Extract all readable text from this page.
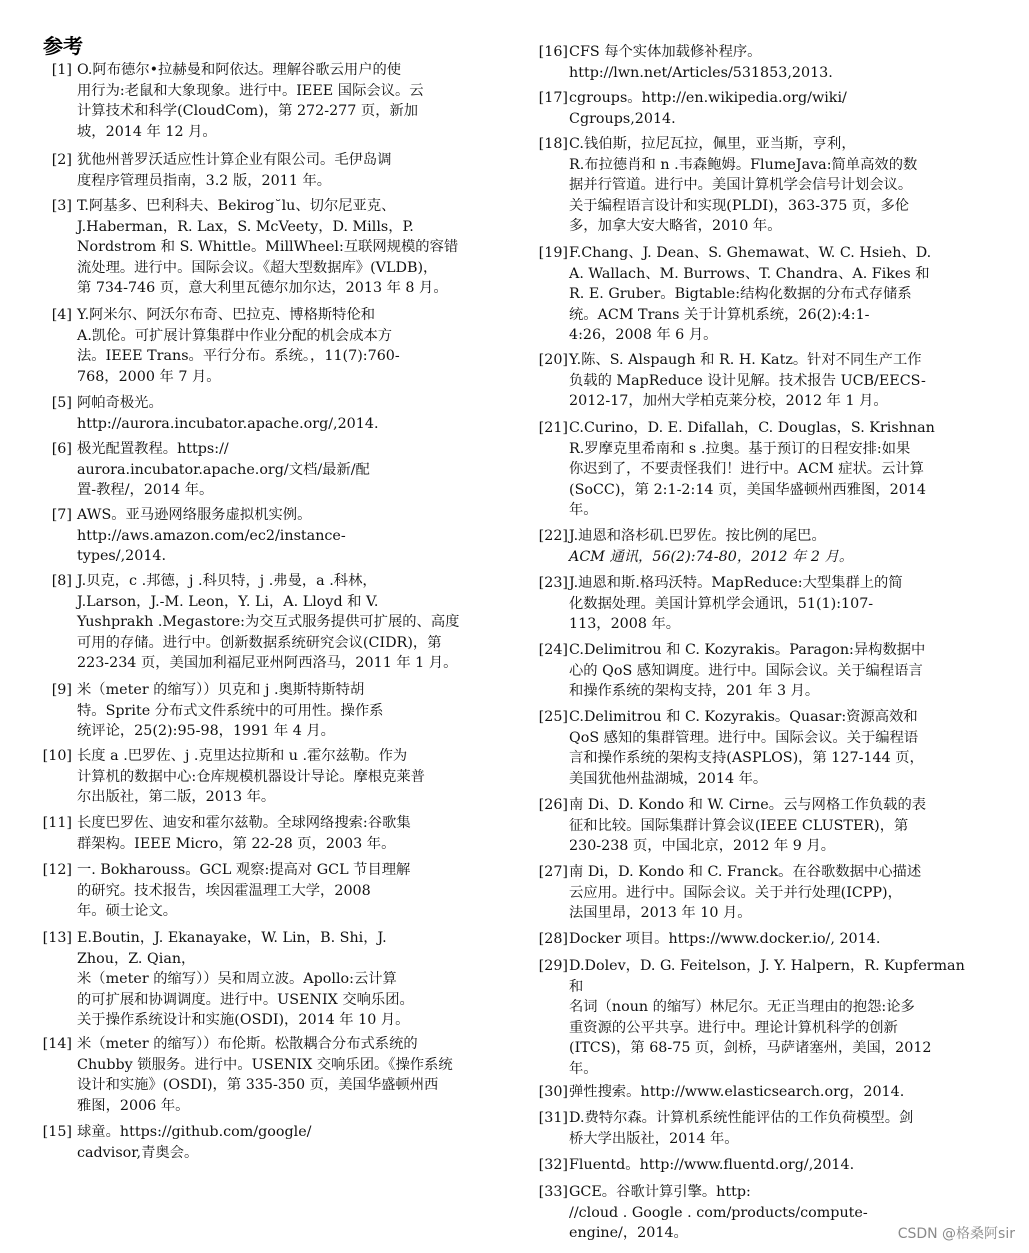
参考
[1] O.阿布德尔•拉赫曼和阿依达。理解谷歌云用户的使
用行为:老鼠和大象现象。进行中。IEEE 国际会议。云
计算技术和科学(CloudCom)，第 272-277 页，新加
坡，2014 年 12 月。
[2] 犹他州普罗沃适应性计算企业有限公司。毛伊岛调
度程序管理员指南，3.2 版，2011 年。
[3] T.阿基多、巴利科夫、Bekirog˘lu、切尔尼亚克、
J.Haberman，R. Lax，S. McVeety，D. Mills，P.
Nordstrom 和 S. Whittle。MillWheel:互联网规模的容错
流处理。进行中。国际会议。《超大型数据库》(VLDB)，
第 734-746 页，意大利里瓦德尔加尔达，2013 年 8 月。
[4] Y.阿米尔、阿沃尔布奇、巴拉克、博格斯特伦和
A.凯伦。可扩展计算集群中作业分配的机会成本方
法。IEEE Trans。平行分布。系统。，11(7):760-
768，2000 年 7 月。
[5] 阿帕奇极光。
http://aurora.incubator.apache.org/,2014.
[6] 极光配置教程。https://
aurora.incubator.apache.org/文档/最新/配
置-教程/，2014 年。
[7] AWS。亚马逊网络服务虚拟机实例。
http://aws.amazon.com/ec2/instance-
types/,2014.
[8] J.贝克，c .邦德，j .科贝特，j .弗曼，a .科林，
J.Larson，J.-M. Leon，Y. Li，A. Lloyd 和 V.
Yushprakh .Megastore:为交互式服务提供可扩展的、高度
可用的存储。进行中。创新数据系统研究会议(CIDR)，第
223-234 页，美国加利福尼亚州阿西洛马，2011 年 1 月。
[9] 米（meter 的缩写））贝克和 j .奥斯特斯特胡
特。Sprite 分布式文件系统中的可用性。操作系
统评论，25(2):95-98，1991 年 4 月。
[10] 长度 a .巴罗佐、j .克里达拉斯和 u .霍尔兹勒。作为
计算机的数据中心:仓库规模机器设计导论。摩根克莱普
尔出版社，第二版，2013 年。
[11] 长度巴罗佐、迪安和霍尔兹勒。全球网络搜索:谷歌集
群架构。IEEE Micro，第 22-28 页，2003 年。
[12] 一. Bokharouss。GCL 观察:提高对 GCL 节目理解
的研究。技术报告，埃因霍温理工大学，2008
年。硕士论文。
[13] E.Boutin，J. Ekanayake，W. Lin，B. Shi，J.
Zhou，Z. Qian，
米（meter 的缩写））吴和周立波。Apollo:云计算
的可扩展和协调调度。进行中。USENIX 交响乐团。
关于操作系统设计和实施(OSDI)，2014 年 10 月。
[14] 米（meter 的缩写））布伦斯。松散耦合分布式系统的
Chubby 锁服务。进行中。USENIX 交响乐团。《操作系统
设计和实施》(OSDI)，第 335-350 页，美国华盛顿州西
雅图，2006 年。
[15] 球童。https://github.com/google/
cadvisor,青奥会。
[16] CFS 每个实体加载修补程序。
http://lwn.net/Articles/531853,2013.
[17] cgroups。http://en.wikipedia.org/wiki/
Cgroups,2014.
[18] C.钱伯斯，拉尼瓦拉，佩里，亚当斯，亨利，
R.布拉德肖和 n .韦森鲍姆。FlumeJava:简单高效的数
据并行管道。进行中。美国计算机学会信号计划会议。
关于编程语言设计和实现(PLDI)，363-375 页，多伦
多，加拿大安大略省，2010 年。
[19] F.Chang、J. Dean、S. Ghemawat、W. C. Hsieh、D.
A. Wallach、M. Burrows、T. Chandra、A. Fikes 和
R. E. Gruber。Bigtable:结构化数据的分布式存储系
统。ACM Trans 关于计算机系统，26(2):4:1-
4:26，2008 年 6 月。
[20] Y.陈、S. Alspaugh 和 R. H. Katz。针对不同生产工作
负载的 MapReduce 设计见解。技术报告 UCB/EECS-
2012-17，加州大学柏克莱分校，2012 年 1 月。
[21] C.Curino，D. E. Difallah，C. Douglas，S. Krishnan
R.罗摩克里希南和 s .拉奥。基于预订的日程安排:如果
你迟到了，不要责怪我们！进行中。ACM 症状。云计算
(SoCC)，第 2:1-2:14 页，美国华盛顿州西雅图，2014
年。
[22] J.迪恩和洛杉矶.巴罗佐。按比例的尾巴。
ACM 通讯，56(2):74-80，2012 年 2 月。
[23] J.迪恩和斯.格玛沃特。MapReduce:大型集群上的简
化数据处理。美国计算机学会通讯，51(1):107-
113，2008 年。
[24] C.Delimitrou 和 C. Kozyrakis。Paragon:异构数据中
心的 QoS 感知调度。进行中。国际会议。关于编程语言
和操作系统的架构支持，201 年 3 月。
[25] C.Delimitrou 和 C. Kozyrakis。Quasar:资源高效和
QoS 感知的集群管理。进行中。国际会议。关于编程语
言和操作系统的架构支持(ASPLOS)，第 127-144 页，
美国犹他州盐湖城，2014 年。
[26] 南 Di、D. Kondo 和 W. Cirne。云与网格工作负载的表
征和比较。国际集群计算会议(IEEE CLUSTER)，第
230-238 页，中国北京，2012 年 9 月。
[27] 南 Di，D. Kondo 和 C. Franck。在谷歌数据中心描述
云应用。进行中。国际会议。关于并行处理(ICPP)，
法国里昂，2013 年 10 月。
[28] Docker 项目。https://www.docker.io/, 2014.
[29] D.Dolev，D. G. Feitelson，J. Y. Halpern，R. Kupferman
和
名词（noun 的缩写）林尼尔。无正当理由的抱怨:论多
重资源的公平共享。进行中。理论计算机科学的创新
(ITCS)，第 68-75 页，剑桥，马萨诸塞州，美国，2012
年。
[30] 弹性搜索。http://www.elasticsearch.org，2014.
[31] D.费特尔森。计算机系统性能评估的工作负荷模型。剑
桥大学出版社，2014 年。
[32] Fluentd。http://www.fluentd.org/,2014.
[33] GCE。谷歌计算引擎。http:
//cloud . Google . com/products/compute-
engine/，2014。	CSDN @格桑阿sir
